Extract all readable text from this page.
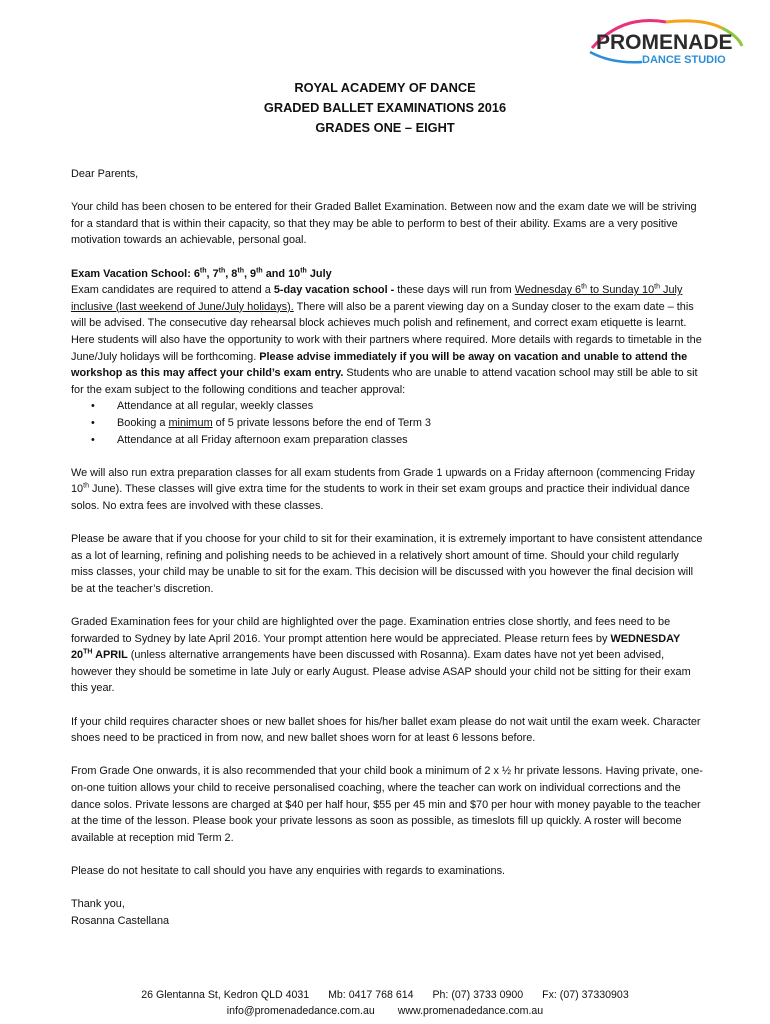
PROMENADE
DANCE STUDIO
ROYAL ACADEMY OF DANCE
GRADED BALLET EXAMINATIONS 2016
GRADES ONE – EIGHT

Dear Parents,

Your child has been chosen to be entered for their Graded Ballet Examination. Between now and the exam date we will be striving for a standard that is within their capacity, so that they may be able to perform to best of their ability. Exams are a very positive motivation towards an achievable, personal goal.

Exam Vacation School: 6th, 7th, 8th, 9th and 10th July

Exam candidates are required to attend a 5-day vacation school - these days will run from Wednesday 6th to Sunday 10th July inclusive (last weekend of June/July holidays). There will also be a parent viewing day on a Sunday closer to the exam date – this will be advised. The consecutive day rehearsal block achieves much polish and refinement, and correct exam etiquette is learnt. Here students will also have the opportunity to work with their partners where required. More details with regards to timetable in the June/July holidays will be forthcoming. Please advise immediately if you will be away on vacation and unable to attend the workshop as this may affect your child’s exam entry. Students who are unable to attend vacation school may still be able to sit for the exam subject to the following conditions and teacher approval:

• Attendance at all regular, weekly classes
• Booking a minimum of 5 private lessons before the end of Term 3
• Attendance at all Friday afternoon exam preparation classes

We will also run extra preparation classes for all exam students from Grade 1 upwards on a Friday afternoon (commencing Friday 10th June). These classes will give extra time for the students to work in their set exam groups and practice their individual dance solos. No extra fees are involved with these classes.

Please be aware that if you choose for your child to sit for their examination, it is extremely important to have consistent attendance as a lot of learning, refining and polishing needs to be achieved in a relatively short amount of time. Should your child regularly miss classes, your child may be unable to sit for the exam. This decision will be discussed with you however the final decision will be at the teacher’s discretion.

Graded Examination fees for your child are highlighted over the page. Examination entries close shortly, and fees need to be forwarded to Sydney by late April 2016. Your prompt attention here would be appreciated. Please return fees by WEDNESDAY 20TH APRIL (unless alternative arrangements have been discussed with Rosanna). Exam dates have not yet been advised, however they should be sometime in late July or early August. Please advise ASAP should your child not be sitting for their exam this year.

If your child requires character shoes or new ballet shoes for his/her ballet exam please do not wait until the exam week. Character shoes need to be practiced in from now, and new ballet shoes worn for at least 6 lessons before.

From Grade One onwards, it is also recommended that your child book a minimum of 2 x ½ hr private lessons. Having private, one-on-one tuition allows your child to receive personalised coaching, where the teacher can work on individual corrections and the dance solos. Private lessons are charged at $40 per half hour, $55 per 45 min and $70 per hour with money payable to the teacher at the time of the lesson. Please book your private lessons as soon as possible, as timeslots fill up quickly. A roster will become available at reception mid Term 2.

Please do not hesitate to call should you have any enquiries with regards to examinations.

Thank you,

Rosanna Castellana

26 Glentanna St, Kedron QLD 4031 Mb: 0417 768 614 Ph: (07) 3733 0900 Fx: (07) 37330903
info@promenadedance.com.au www.promenadedance.com.au
